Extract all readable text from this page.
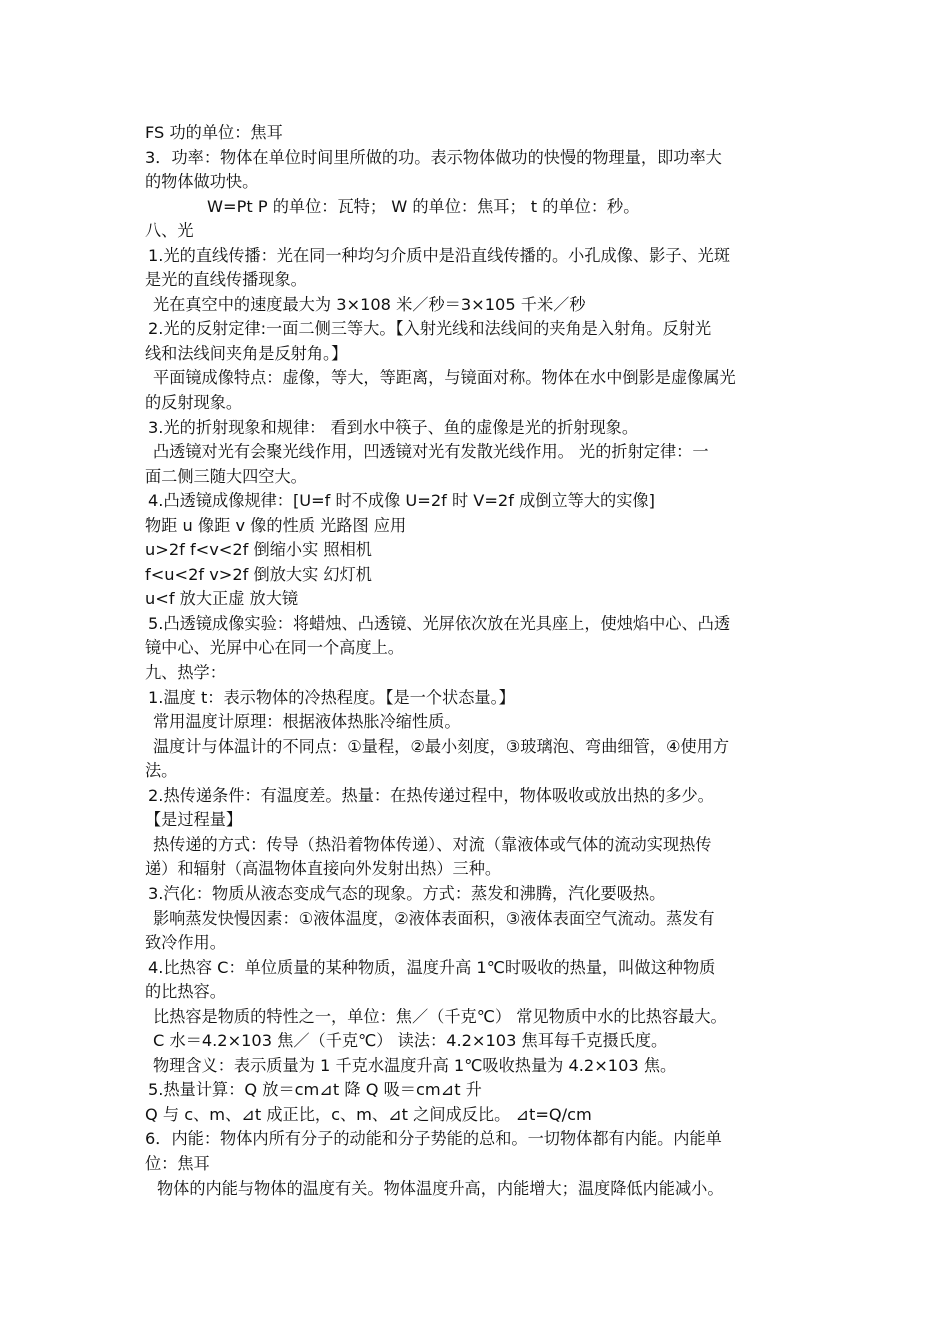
FS 功的单位：焦耳
3．功率：物体在单位时间里所做的功。表示物体做功的快慢的物理量，即功率大
的物体做功快。
W=Pt P 的单位：瓦特； W 的单位：焦耳； t 的单位：秒。
八、光
1.光的直线传播：光在同一种均匀介质中是沿直线传播的。小孔成像、影子、光斑
是光的直线传播现象。
光在真空中的速度最大为 3×108 米／秒＝3×105 千米／秒
2.光的反射定律:一面二侧三等大。【入射光线和法线间的夹角是入射角。反射光
线和法线间夹角是反射角。】
平面镜成像特点：虚像，等大，等距离，与镜面对称。物体在水中倒影是虚像属光
的反射现象。
3.光的折射现象和规律： 看到水中筷子、鱼的虚像是光的折射现象。
凸透镜对光有会聚光线作用，凹透镜对光有发散光线作用。 光的折射定律：一
面二侧三随大四空大。
4.凸透镜成像规律：[U=f 时不成像 U=2f 时 V=2f 成倒立等大的实像]
物距 u 像距 v 像的性质 光路图 应用
u>2f f<v<2f 倒缩小实 照相机
f<u<2f v>2f 倒放大实 幻灯机
u<f 放大正虚 放大镜
5.凸透镜成像实验：将蜡烛、凸透镜、光屏依次放在光具座上，使烛焰中心、凸透
镜中心、光屏中心在同一个高度上。
九、热学：
1.温度 t：表示物体的冷热程度。【是一个状态量。】
常用温度计原理：根据液体热胀冷缩性质。
温度计与体温计的不同点：①量程，②最小刻度，③玻璃泡、弯曲细管，④使用方
法。
2.热传递条件：有温度差。热量：在热传递过程中，物体吸收或放出热的多少。
【是过程量】
热传递的方式：传导（热沿着物体传递）、对流（靠液体或气体的流动实现热传
递）和辐射（高温物体直接向外发射出热）三种。
3.汽化：物质从液态变成气态的现象。方式：蒸发和沸腾，汽化要吸热。
影响蒸发快慢因素：①液体温度，②液体表面积，③液体表面空气流动。蒸发有
致冷作用。
4.比热容 C：单位质量的某种物质，温度升高 1℃时吸收的热量，叫做这种物质
的比热容。
比热容是物质的特性之一，单位：焦／（千克℃） 常见物质中水的比热容最大。
C 水＝4.2×103 焦／（千克℃） 读法：4.2×103 焦耳每千克摄氏度。
物理含义：表示质量为 1 千克水温度升高 1℃吸收热量为 4.2×103 焦。
5.热量计算：Q 放＝cm⊿t 降 Q 吸＝cm⊿t 升
Q 与 c、m、⊿t 成正比，c、m、⊿t 之间成反比。 ⊿t=Q/cm
6．内能：物体内所有分子的动能和分子势能的总和。一切物体都有内能。内能单
位：焦耳
物体的内能与物体的温度有关。物体温度升高，内能增大；温度降低内能减小。
